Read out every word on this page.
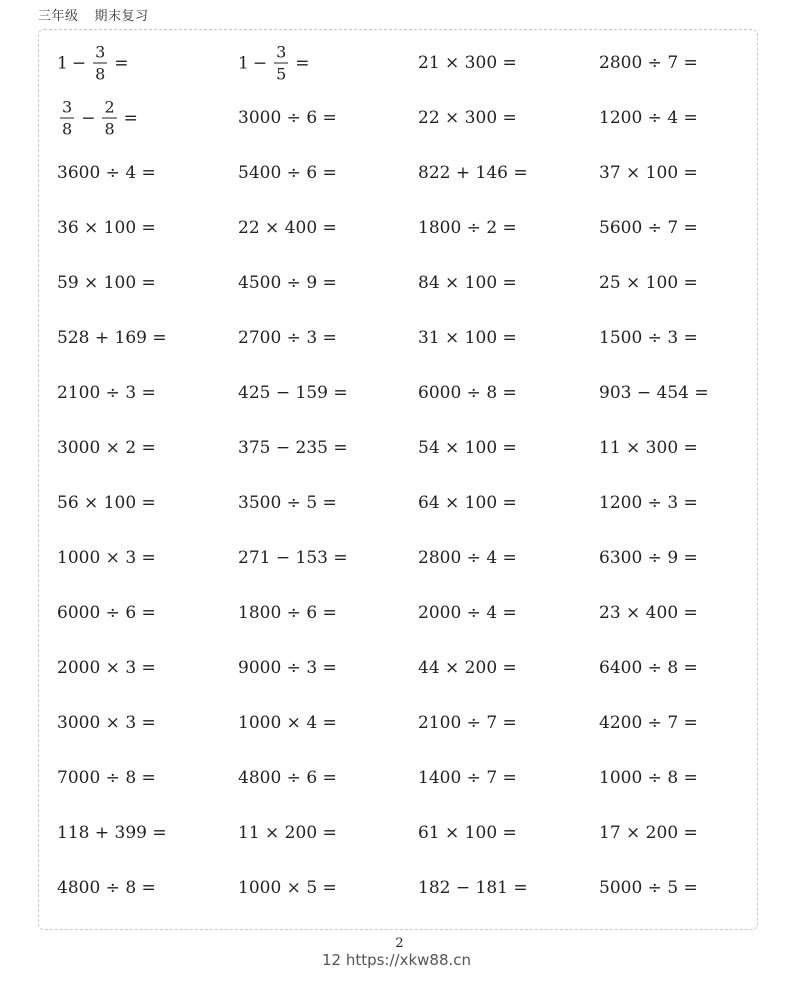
三年级 期末复习
$1 - \frac{3}{8}$ =	$1 - \frac{3}{5}$ =	21 × 300 =	2800 ÷ 7 =
$\frac{3}{8} - \frac{2}{8}$ =	3000 ÷ 6 =	22 × 300 =	1200 ÷ 4 =
3600 ÷ 4 =	5400 ÷ 6 =	822 + 146 =	37 × 100 =
36 × 100 =	22 × 400 =	1800 ÷ 2 =	5600 ÷ 7 =
59 × 100 =	4500 ÷ 9 =	84 × 100 =	25 × 100 =
528 + 169 =	2700 ÷ 3 =	31 × 100 =	1500 ÷ 3 =
2100 ÷ 3 =	425 − 159 =	6000 ÷ 8 =	903 − 454 =
3000 × 2 =	375 − 235 =	54 × 100 =	11 × 300 =
56 × 100 =	3500 ÷ 5 =	64 × 100 =	1200 ÷ 3 =
1000 × 3 =	271 − 153 =	2800 ÷ 4 =	6300 ÷ 9 =
6000 ÷ 6 =	1800 ÷ 6 =	2000 ÷ 4 =	23 × 400 =
2000 × 3 =	9000 ÷ 3 =	44 × 200 =	6400 ÷ 8 =
3000 × 3 =	1000 × 4 =	2100 ÷ 7 =	4200 ÷ 7 =
7000 ÷ 8 =	4800 ÷ 6 =	1400 ÷ 7 =	1000 ÷ 8 =
118 + 399 =	11 × 200 =	61 × 100 =	17 × 200 =
4800 ÷ 8 =	1000 × 5 =	182 − 181 =	5000 ÷ 5 =
2
12 https://xkw88.cn
